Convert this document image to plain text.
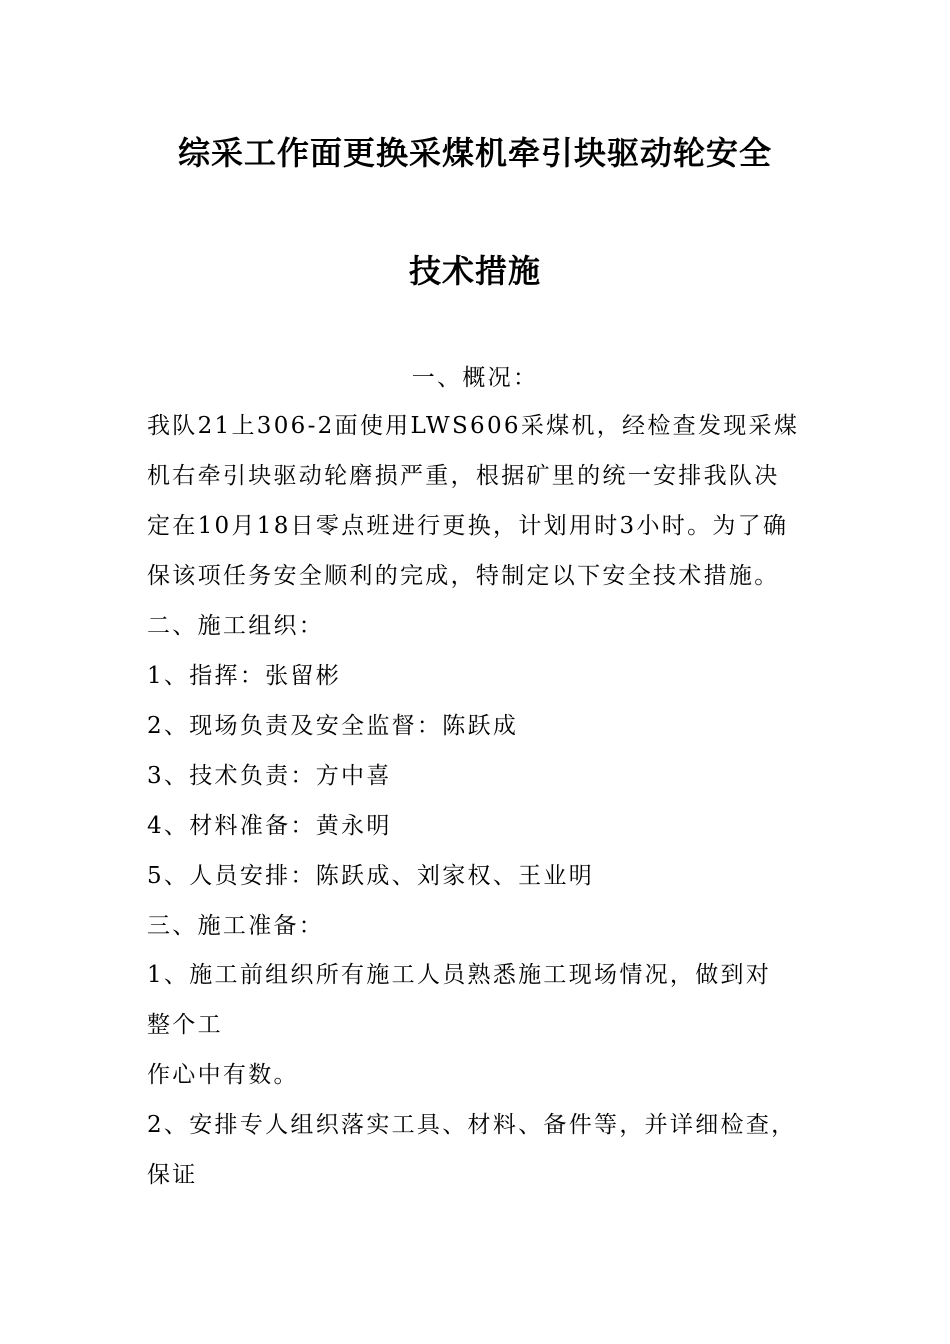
综采工作面更换采煤机牵引块驱动轮安全
技术措施
一、概况：
我队21上306-2面使用LWS606采煤机，经检查发现采煤
机右牵引块驱动轮磨损严重，根据矿里的统一安排我队决
定在10月18日零点班进行更换，计划用时3小时。为了确
保该项任务安全顺利的完成，特制定以下安全技术措施。
二、施工组织：
1、指挥：张留彬
2、现场负责及安全监督：陈跃成
3、技术负责：方中喜
4、材料准备：黄永明
5、人员安排：陈跃成、刘家权、王业明
三、施工准备：
1、施工前组织所有施工人员熟悉施工现场情况，做到对
整个工
作心中有数。
2、安排专人组织落实工具、材料、备件等，并详细检查，
保证
